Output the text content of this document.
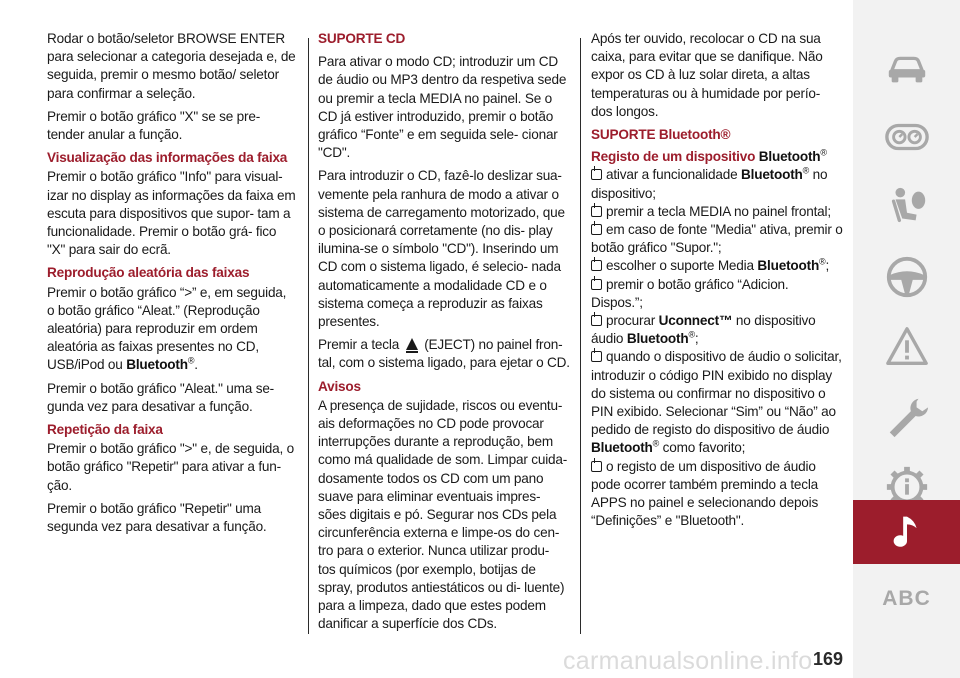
Rodar o botão/seletor BROWSE ENTER para selecionar a categoria desejada e, de seguida, premir o mesmo botão/ seletor para confirmar a seleção.

Premir o botão gráfico "X" se se pre- tender anular a função.

Visualização das informações da faixa

Premir o botão gráfico "Info" para visual- izar no display as informações da faixa em escuta para dispositivos que supor- tam a funcionalidade. Premir o botão grá- fico "X" para sair do ecrã.

Reprodução aleatória das faixas

Premir o botão gráfico “>” e, em seguida, o botão gráfico “Aleat.” (Reprodução aleatória) para reproduzir em ordem aleatória as faixas presentes no CD, USB/iPod ou Bluetooth®.

Premir o botão gráfico "Aleat." uma se- gunda vez para desativar a função.

Repetição da faixa

Premir o botão gráfico ">" e, de seguida, o botão gráfico "Repetir" para ativar a fun- ção.

Premir o botão gráfico "Repetir" uma segunda vez para desativar a função.

SUPORTE CD

Para ativar o modo CD; introduzir um CD de áudio ou MP3 dentro da respetiva sede ou premir a tecla MEDIA no painel. Se o CD já estiver introduzido, premir o botão gráfico “Fonte” e em seguida sele- cionar "CD".

Para introduzir o CD, fazê-lo deslizar sua- vemente pela ranhura de modo a ativar o sistema de carregamento motorizado, que o posicionará corretamente (no dis- play ilumina-se o símbolo "CD"). Inserindo um CD com o sistema ligado, é selecio- nada automaticamente a modalidade CD e o sistema começa a reproduzir as faixas presentes.

Premir a tecla (EJECT) no painel fron- tal, com o sistema ligado, para ejetar o CD.

Avisos

A presença de sujidade, riscos ou eventu- ais deformações no CD pode provocar interrupções durante a reprodução, bem como má qualidade de som. Limpar cuida- dosamente todos os CD com um pano suave para eliminar eventuais impres- sões digitais e pó. Segurar nos CDs pela circunferência externa e limpe-os do cen- tro para o exterior. Nunca utilizar produ- tos químicos (por exemplo, botijas de spray, produtos antiestáticos ou di- luente) para a limpeza, dado que estes podem danificar a superfície dos CDs.

Após ter ouvido, recolocar o CD na sua caixa, para evitar que se danifique. Não expor os CD à luz solar direta, a altas temperaturas ou à humidade por perío- dos longos.

SUPORTE Bluetooth®
Registo de um dispositivo Bluetooth®
ativar a funcionalidade Bluetooth® no dispositivo;
premir a tecla MEDIA no painel frontal;
em caso de fonte "Media" ativa, premir o botão gráfico "Supor.";
escolher o suporte Media Bluetooth®;
premir o botão gráfico “Adicion. Dispos.”;
procurar Uconnect™ no dispositivo áudio Bluetooth®;
quando o dispositivo de áudio o solicitar, introduzir o código PIN exibido no display do sistema ou confirmar no dispositivo o PIN exibido. Selecionar “Sim” ou “Não” ao pedido de registo do dispositivo de áudio Bluetooth® como favorito;
o registo de um dispositivo de áudio pode ocorrer também premindo a tecla APPS no painel e selecionando depois “Definições” e "Bluetooth".
ABC
carmanualsonline.info 169
